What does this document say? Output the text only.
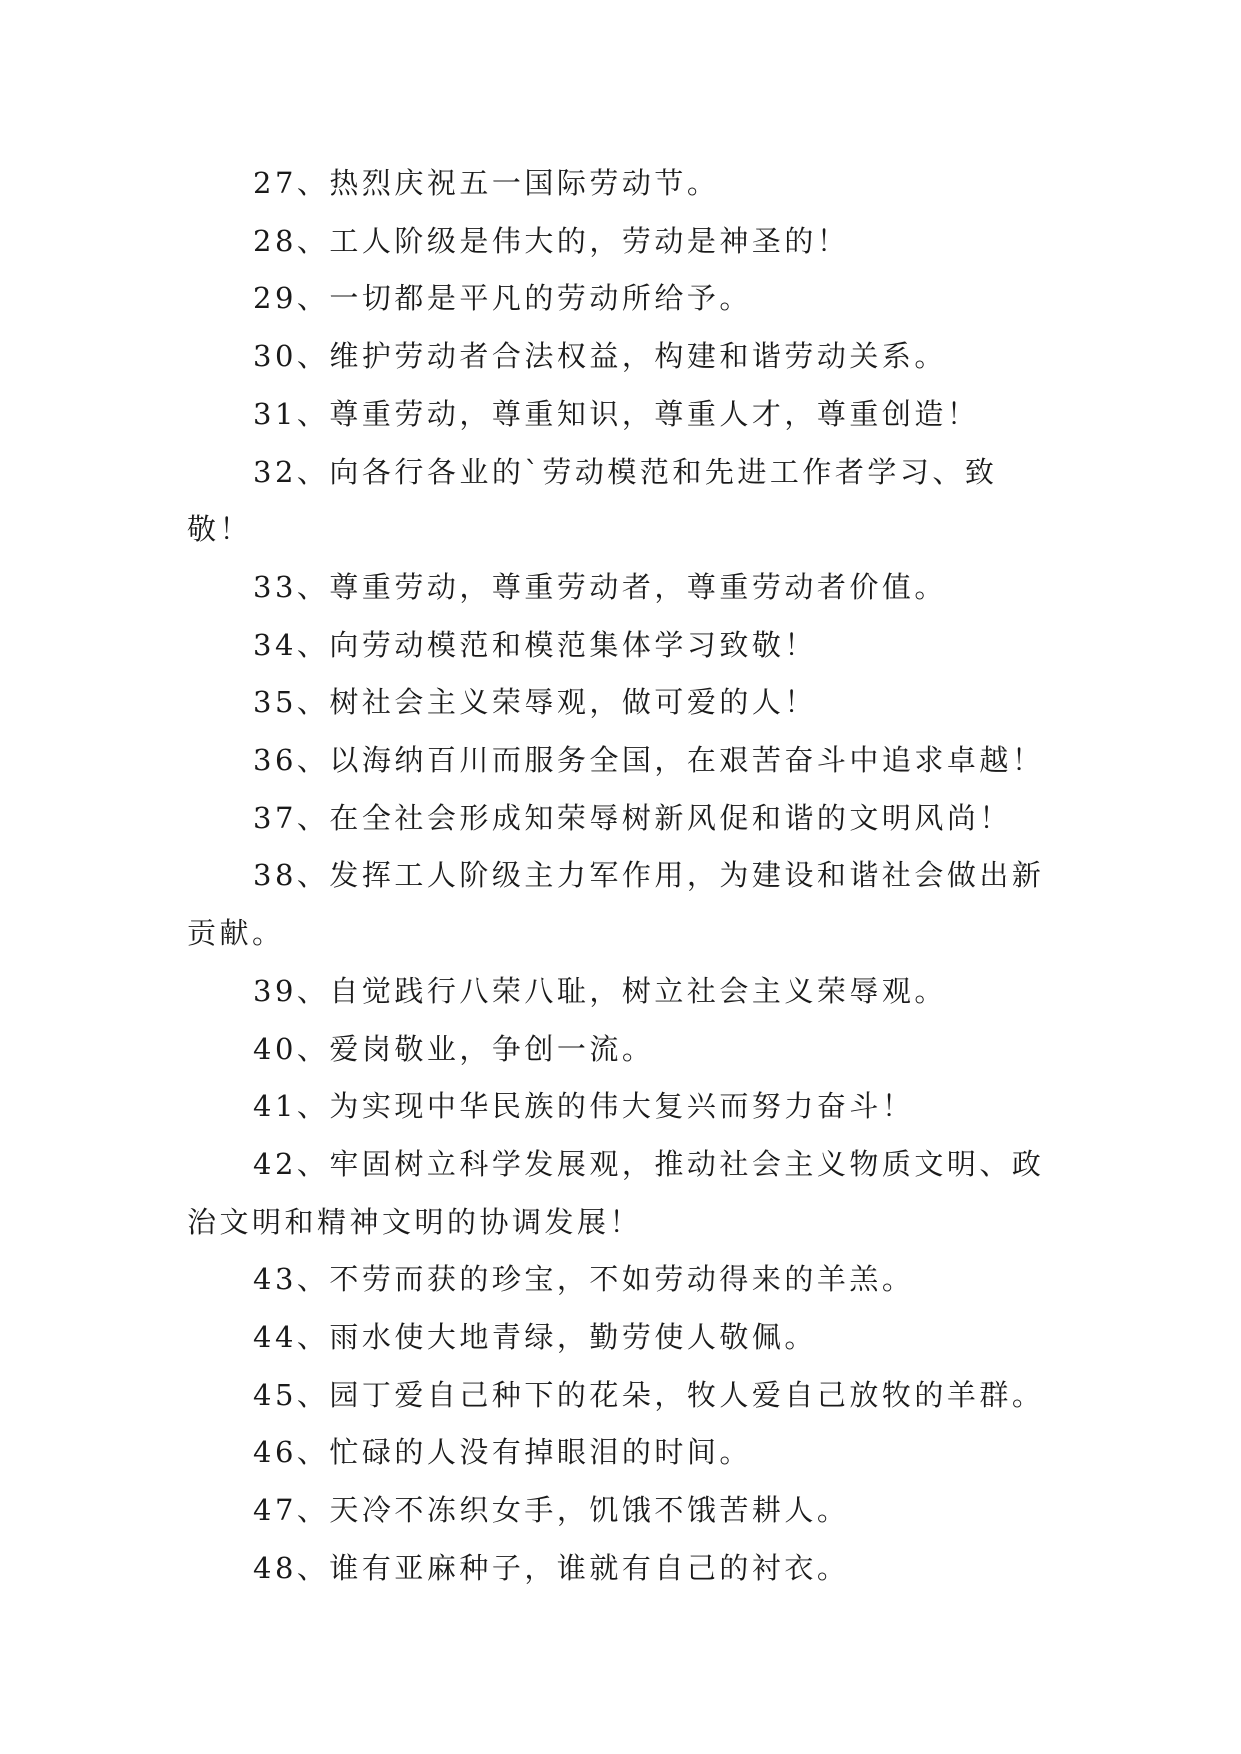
27、热烈庆祝五一国际劳动节。

28、工人阶级是伟大的，劳动是神圣的！

29、一切都是平凡的劳动所给予。

30、维护劳动者合法权益，构建和谐劳动关系。

31、尊重劳动，尊重知识，尊重人才，尊重创造！

32、向各行各业的`劳动模范和先进工作者学习、致敬！

33、尊重劳动，尊重劳动者，尊重劳动者价值。

34、向劳动模范和模范集体学习致敬！

35、树社会主义荣辱观，做可爱的人！

36、以海纳百川而服务全国，在艰苦奋斗中追求卓越！

37、在全社会形成知荣辱树新风促和谐的文明风尚！

38、发挥工人阶级主力军作用，为建设和谐社会做出新贡献。

39、自觉践行八荣八耻，树立社会主义荣辱观。

40、爱岗敬业，争创一流。

41、为实现中华民族的伟大复兴而努力奋斗！

42、牢固树立科学发展观，推动社会主义物质文明、政治文明和精神文明的协调发展！

43、不劳而获的珍宝，不如劳动得来的羊羔。

44、雨水使大地青绿，勤劳使人敬佩。

45、园丁爱自己种下的花朵，牧人爱自己放牧的羊群。

46、忙碌的人没有掉眼泪的时间。

47、天冷不冻织女手，饥饿不饿苦耕人。

48、谁有亚麻种子，谁就有自己的衬衣。
